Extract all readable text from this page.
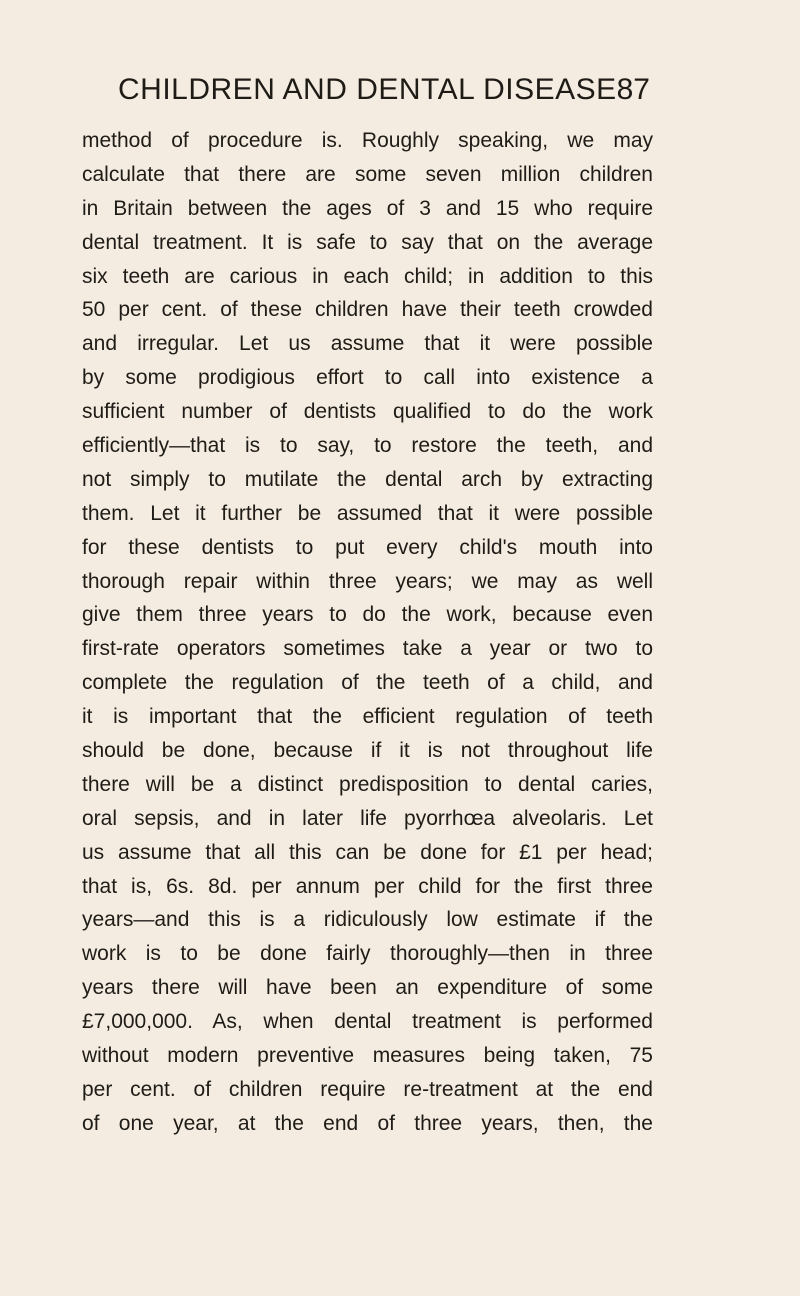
CHILDREN AND DENTAL DISEASE 87
method of procedure is. Roughly speaking, we may
calculate that there are some seven million children
in Britain between the ages of 3 and 15 who require
dental treatment. It is safe to say that on the average
six teeth are carious in each child; in addition to this
50 per cent. of these children have their teeth crowded
and irregular. Let us assume that it were possible
by some prodigious effort to call into existence a
sufficient number of dentists qualified to do the work
efficiently—that is to say, to restore the teeth, and
not simply to mutilate the dental arch by extracting
them. Let it further be assumed that it were possible
for these dentists to put every child's mouth into
thorough repair within three years; we may as well
give them three years to do the work, because even
first-rate operators sometimes take a year or two to
complete the regulation of the teeth of a child, and
it is important that the efficient regulation of teeth
should be done, because if it is not throughout life
there will be a distinct predisposition to dental caries,
oral sepsis, and in later life pyorrhœa alveolaris. Let
us assume that all this can be done for £1 per head;
that is, 6s. 8d. per annum per child for the first three
years—and this is a ridiculously low estimate if the
work is to be done fairly thoroughly—then in three
years there will have been an expenditure of some
£7,000,000. As, when dental treatment is performed
without modern preventive measures being taken, 75
per cent. of children require re-treatment at the end
of one year, at the end of three years, then, the
